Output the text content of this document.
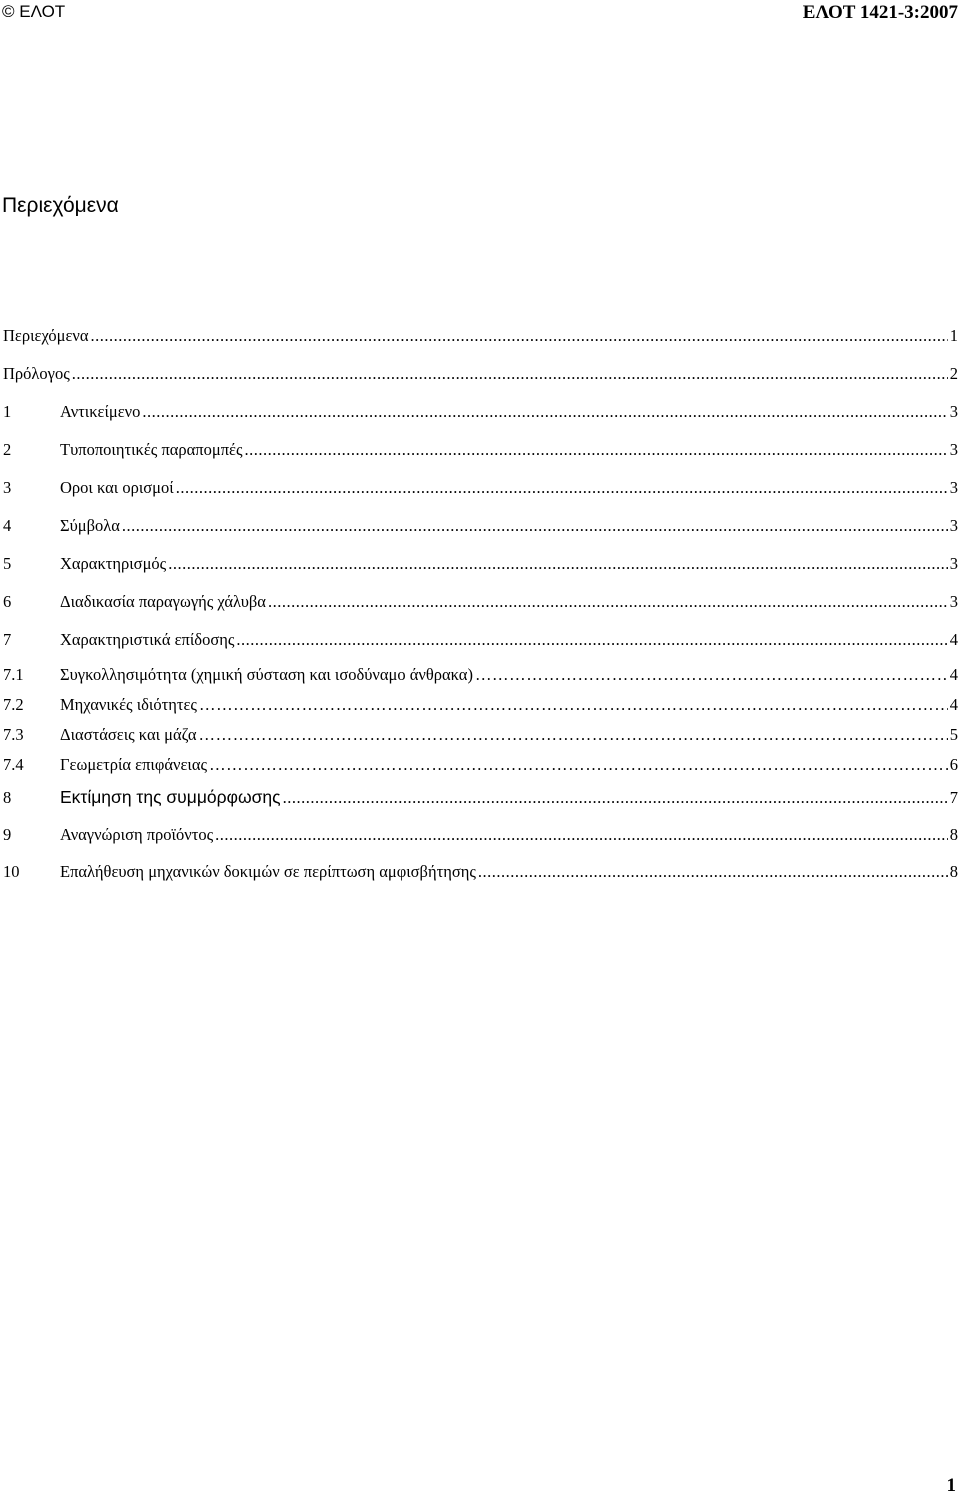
© ΕΛΟΤ	ΕΛΟΤ 1421-3:2007
Περιεχόμενα
Περιεχόμενα .....	1
Πρόλογος .....	2
1	Αντικείμενο .....	3
2	Τυποποιητικές παραπομπές .....	3
3	Οροι και ορισμοί .....	3
4	Σύμβολα .....	3
5	Χαρακτηρισμός .....	3
6	Διαδικασία παραγωγής χάλυβα .....	3
7	Χαρακτηριστικά επίδοσης .....	4
7.1	Συγκολλησιμότητα (χημική σύσταση και ισοδύναμο άνθρακα) …………………………………………………………………………………………………………………………………………………	4
7.2	Μηχανικές ιδιότητες …………………………………………………………………………………………………………………………………………………	4
7.3	Διαστάσεις και μάζα …………………………………………………………………………………………………………………………………………………	5
7.4	Γεωμετρία επιφάνειας …………………………………………………………………………………………………………………………………………………	6
8	Εκτίμηση της συμμόρφωσης .....	7
9	Αναγνώριση προϊόντος .....	8
10	Επαλήθευση μηχανικών δοκιμών σε περίπτωση αμφισβήτησης .....	8
1
